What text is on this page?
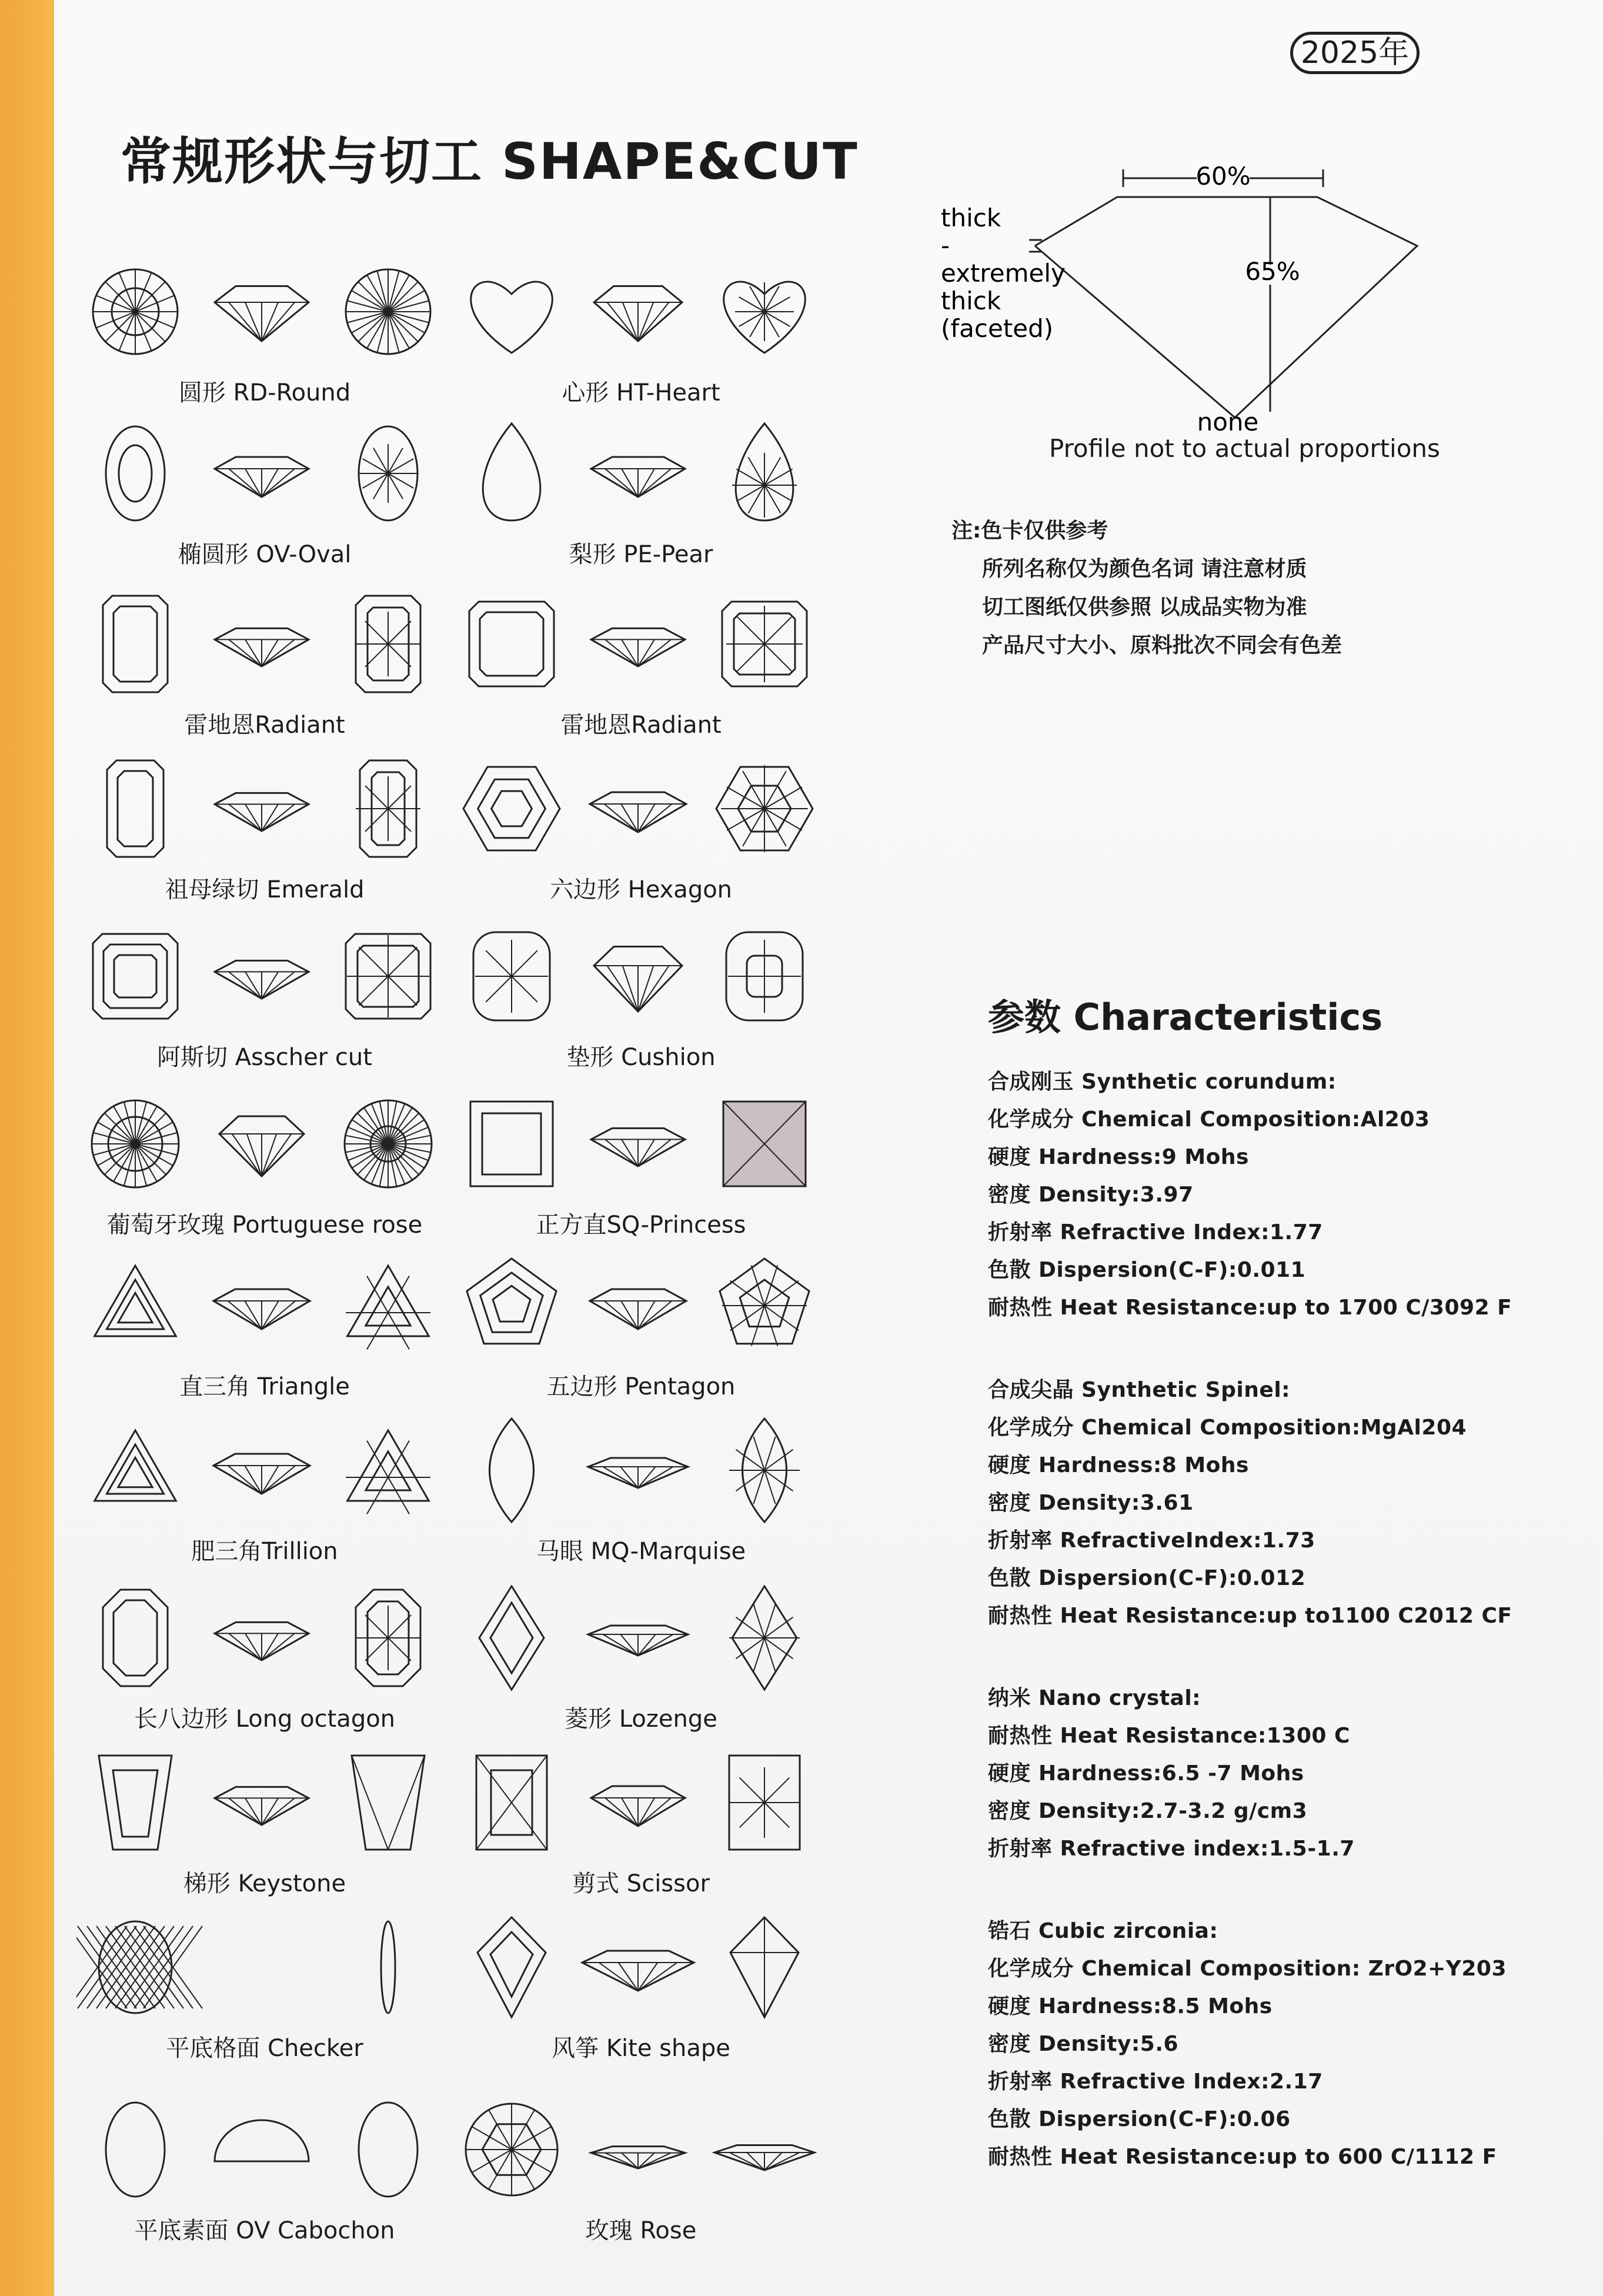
2025年
常规形状与切工 SHAPE&CUT
圆形 RD-Round	心形 HT-Heart
椭圆形 OV-Oval	梨形 PE-Pear
雷地恩Radiant	雷地恩Radiant
祖母绿切 Emerald	六边形 Hexagon
阿斯切 Asscher cut	垫形 Cushion
葡萄牙玫瑰 Portuguese rose	正方直SQ-Princess
直三角 Triangle	五边形 Pentagon
肥三角Trillion	马眼 MQ-Marquise
长八边形 Long octagon	菱形 Lozenge
梯形 Keystone	剪式 Scissor
平底格面 Checker	风筝 Kite shape
平底素面 OV Cabochon	玫瑰 Rose
60%
65%
thick
-
extremely
thick
(faceted)
none
Profile not to actual proportions
注:色卡仅供参考
所列名称仅为颜色名词 请注意材质
切工图纸仅供参照 以成品实物为准
产品尺寸大小、原料批次不同会有色差
参数 Characteristics
合成刚玉 Synthetic corundum:
化学成分 Chemical Composition:Al203
硬度 Hardness:9 Mohs
密度 Density:3.97
折射率 Refractive Index:1.77
色散 Dispersion(C-F):0.011
耐热性 Heat Resistance:up to 1700 C/3092 F
合成尖晶 Synthetic Spinel:
化学成分 Chemical Composition:MgAl204
硬度 Hardness:8 Mohs
密度 Density:3.61
折射率 RefractiveIndex:1.73
色散 Dispersion(C-F):0.012
耐热性 Heat Resistance:up to1100 C2012 CF
纳米 Nano crystal:
耐热性 Heat Resistance:1300 C
硬度 Hardness:6.5 -7 Mohs
密度 Density:2.7-3.2 g/cm3
折射率 Refractive index:1.5-1.7
锆石 Cubic zirconia:
化学成分 Chemical Composition: ZrO2+Y203
硬度 Hardness:8.5 Mohs
密度 Density:5.6
折射率 Refractive Index:2.17
色散 Dispersion(C-F):0.06
耐热性 Heat Resistance:up to 600 C/1112 F
